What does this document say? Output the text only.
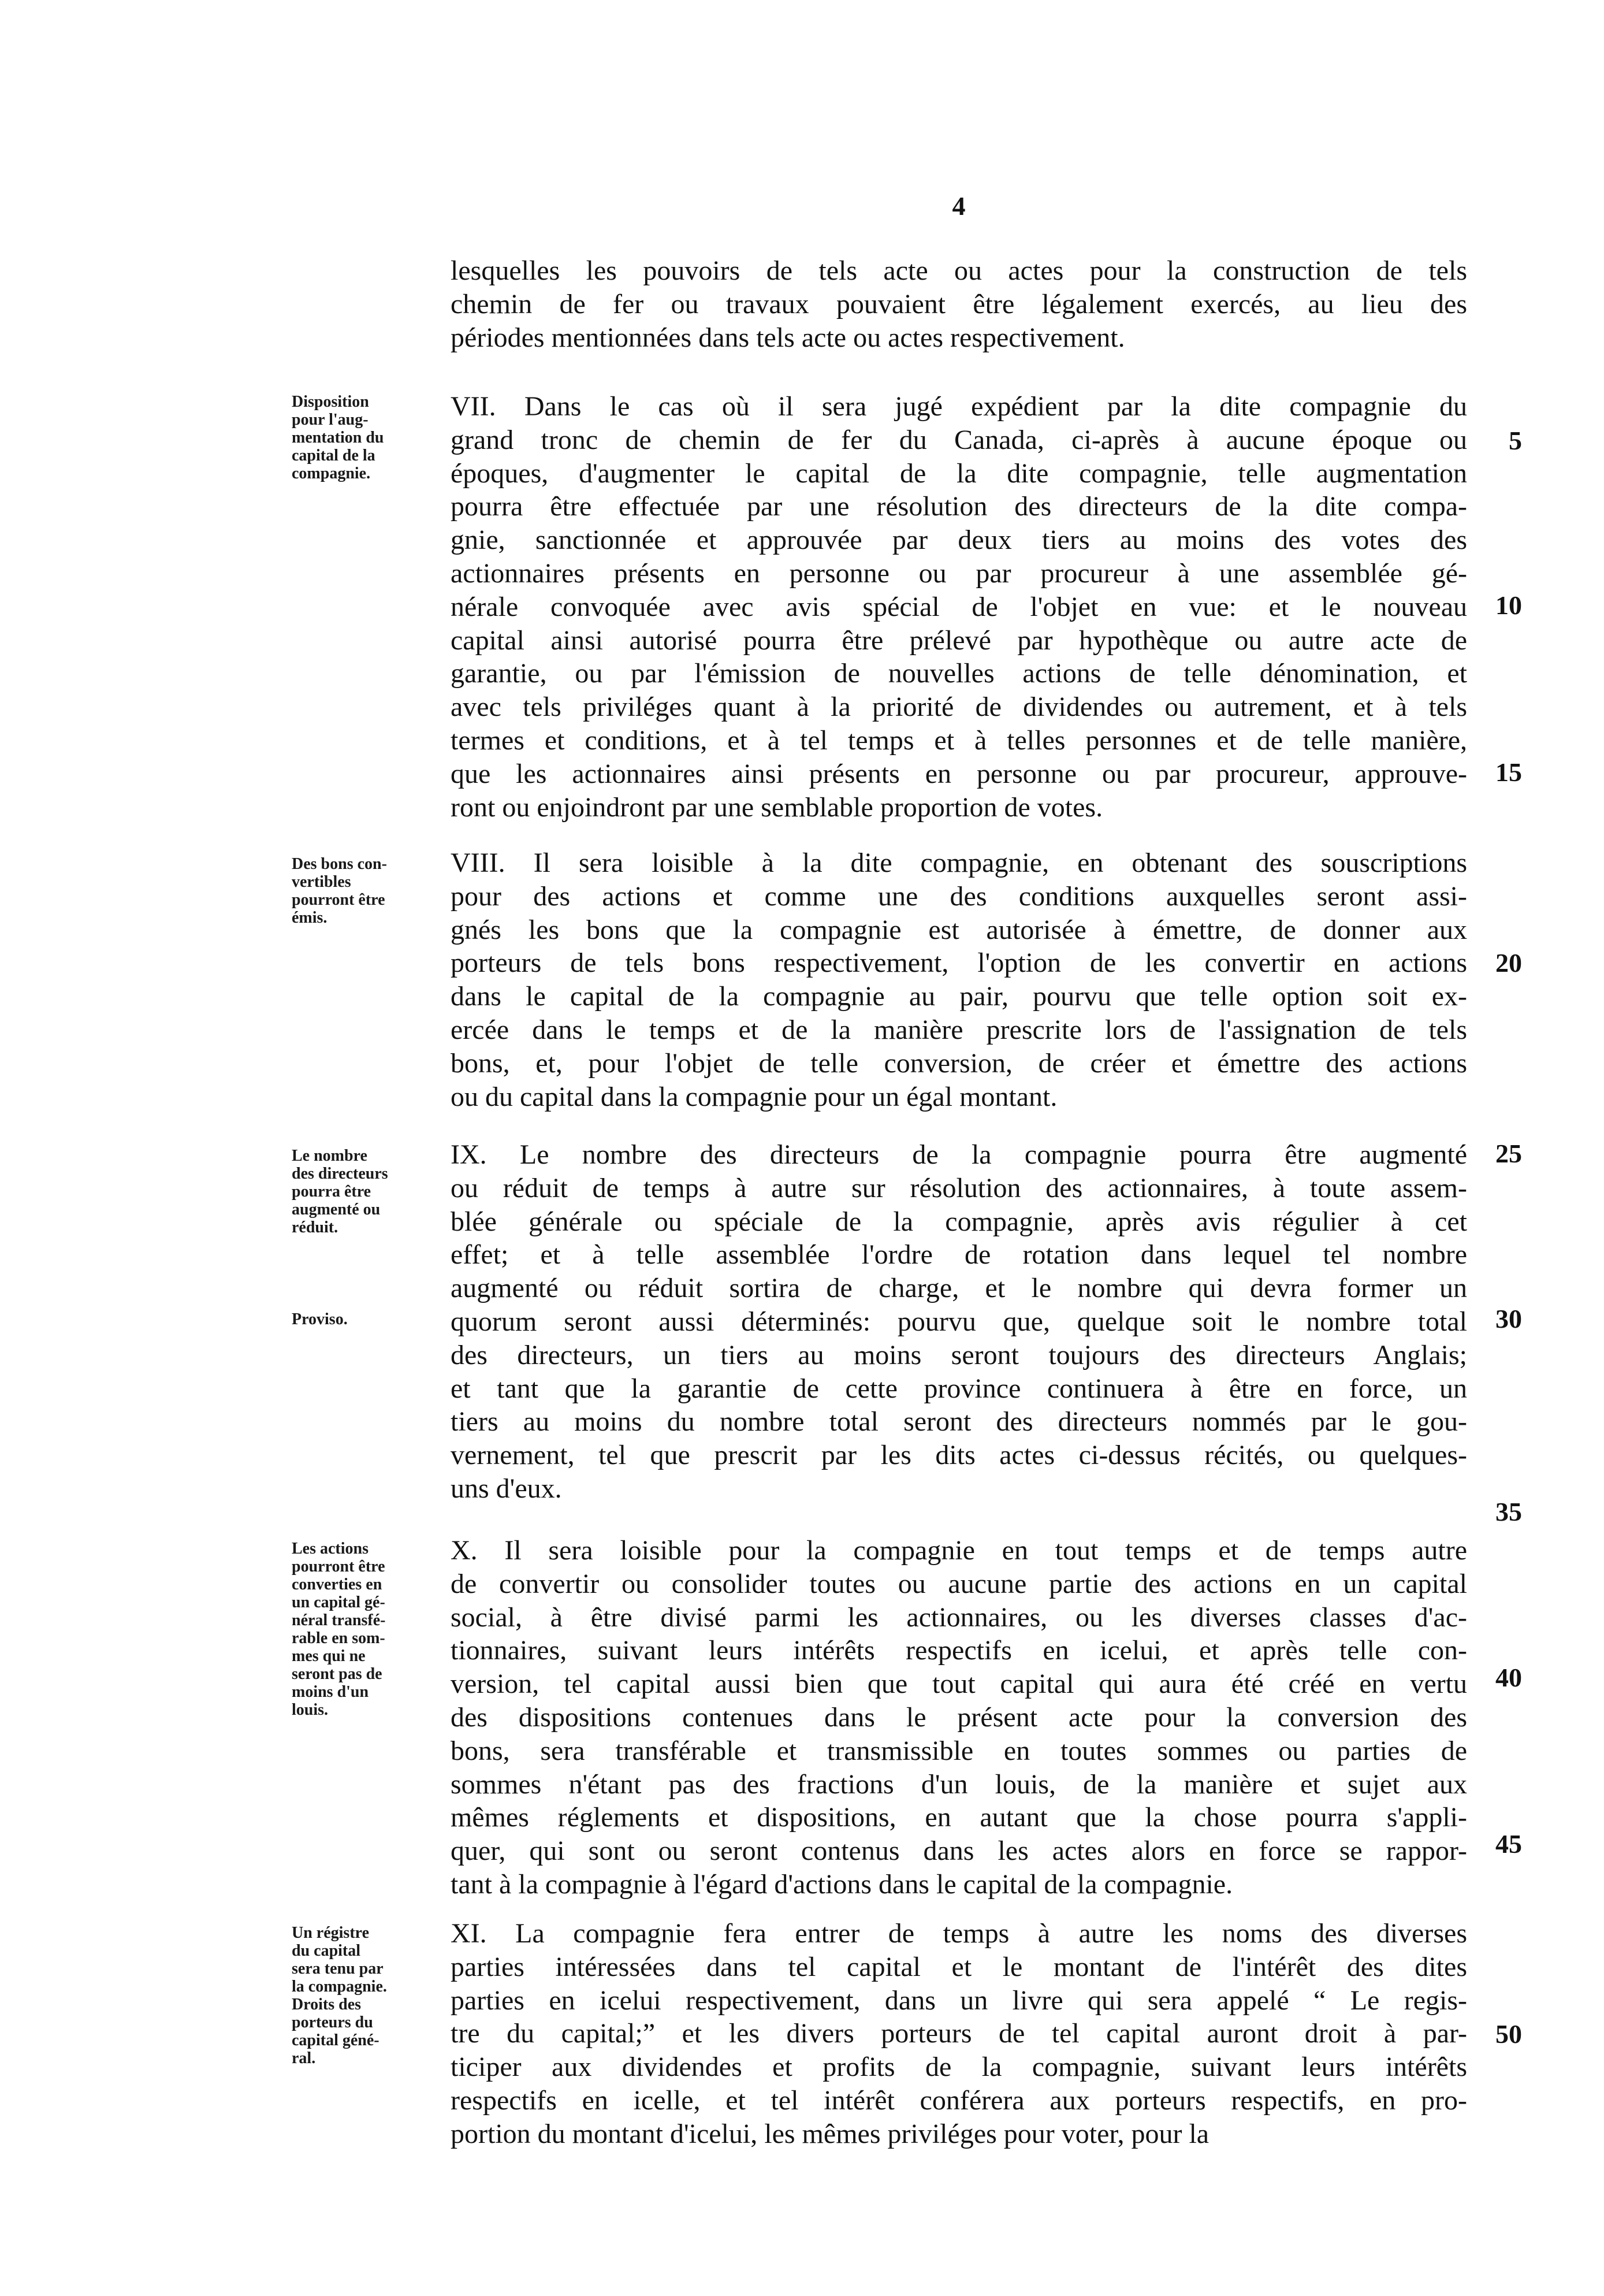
4
lesquelles les pouvoirs de tels acte ou actes pour la construction de tels
chemin de fer ou travaux pouvaient être légalement exercés, au lieu des
périodes mentionnées dans tels acte ou actes respectivement.
VII. Dans le cas où il sera jugé expédient par la dite compagnie du
grand tronc de chemin de fer du Canada, ci-après à aucune époque ou
époques, d'augmenter le capital de la dite compagnie, telle augmentation
pourra être effectuée par une résolution des directeurs de la dite compa-
gnie, sanctionnée et approuvée par deux tiers au moins des votes des
actionnaires présents en personne ou par procureur à une assemblée gé-
nérale convoquée avec avis spécial de l'objet en vue: et le nouveau
capital ainsi autorisé pourra être prélevé par hypothèque ou autre acte de
garantie, ou par l'émission de nouvelles actions de telle dénomination, et
avec tels priviléges quant à la priorité de dividendes ou autrement, et à tels
termes et conditions, et à tel temps et à telles personnes et de telle manière,
que les actionnaires ainsi présents en personne ou par procureur, approuve-
ront ou enjoindront par une semblable proportion de votes.
VIII. Il sera loisible à la dite compagnie, en obtenant des souscriptions
pour des actions et comme une des conditions auxquelles seront assi-
gnés les bons que la compagnie est autorisée à émettre, de donner aux
porteurs de tels bons respectivement, l'option de les convertir en actions
dans le capital de la compagnie au pair, pourvu que telle option soit ex-
ercée dans le temps et de la manière prescrite lors de l'assignation de tels
bons, et, pour l'objet de telle conversion, de créer et émettre des actions
ou du capital dans la compagnie pour un égal montant.
IX. Le nombre des directeurs de la compagnie pourra être augmenté
ou réduit de temps à autre sur résolution des actionnaires, à toute assem-
blée générale ou spéciale de la compagnie, après avis régulier à cet
effet; et à telle assemblée l'ordre de rotation dans lequel tel nombre
augmenté ou réduit sortira de charge, et le nombre qui devra former un
quorum seront aussi déterminés: pourvu que, quelque soit le nombre total
des directeurs, un tiers au moins seront toujours des directeurs Anglais;
et tant que la garantie de cette province continuera à être en force, un
tiers au moins du nombre total seront des directeurs nommés par le gou-
vernement, tel que prescrit par les dits actes ci-dessus récités, ou quelques-
uns d'eux.
X. Il sera loisible pour la compagnie en tout temps et de temps autre
de convertir ou consolider toutes ou aucune partie des actions en un capital
social, à être divisé parmi les actionnaires, ou les diverses classes d'ac-
tionnaires, suivant leurs intérêts respectifs en icelui, et après telle con-
version, tel capital aussi bien que tout capital qui aura été créé en vertu
des dispositions contenues dans le présent acte pour la conversion des
bons, sera transférable et transmissible en toutes sommes ou parties de
sommes n'étant pas des fractions d'un louis, de la manière et sujet aux
mêmes réglements et dispositions, en autant que la chose pourra s'appli-
quer, qui sont ou seront contenus dans les actes alors en force se rappor-
tant à la compagnie à l'égard d'actions dans le capital de la compagnie.
XI. La compagnie fera entrer de temps à autre les noms des diverses
parties intéressées dans tel capital et le montant de l'intérêt des dites
parties en icelui respectivement, dans un livre qui sera appelé “ Le regis-
tre du capital;” et les divers porteurs de tel capital auront droit à par-
ticiper aux dividendes et profits de la compagnie, suivant leurs intérêts
respectifs en icelle, et tel intérêt conférera aux porteurs respectifs, en pro-
portion du montant d'icelui, les mêmes priviléges pour voter, pour la
Disposition
pour l'aug-
mentation du
capital de la
compagnie.
Des bons con-
vertibles
pourront être
émis.
Le nombre
des directeurs
pourra être
augmenté ou
réduit.
Proviso.
Les actions
pourront être
converties en
un capital gé-
néral transfé-
rable en som-
mes qui ne
seront pas de
moins d'un
louis.
Un régistre
du capital
sera tenu par
la compagnie.
Droits des
porteurs du
capital géné-
ral.
5
10
15
20
25
30
35
40
45
50
